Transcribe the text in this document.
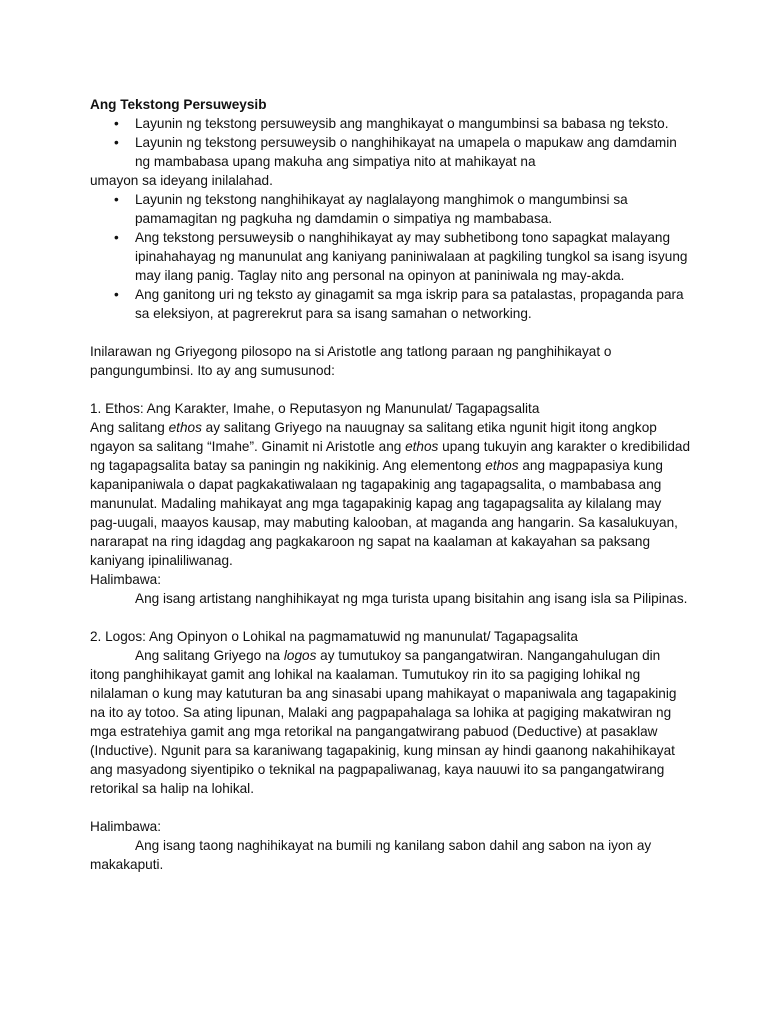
Ang Tekstong Persuweysib

• Layunin ng tekstong persuweysib ang manghikayat o mangumbinsi sa babasa ng teksto.
• Layunin ng tekstong persuweysib o nanghihikayat na umapela o mapukaw ang damdamin ng mambabasa upang makuha ang simpatiya nito at mahikayat na
umayon sa ideyang inilalahad.
• Layunin ng tekstong nanghihikayat ay naglalayong manghimok o mangumbinsi sa pamamagitan ng pagkuha ng damdamin o simpatiya ng mambabasa.
• Ang tekstong persuweysib o nanghihikayat ay may subhetibong tono sapagkat malayang ipinahahayag ng manunulat ang kaniyang paniniwalaan at pagkiling tungkol sa isang isyung may ilang panig. Taglay nito ang personal na opinyon at paniniwala ng may-akda.
• Ang ganitong uri ng teksto ay ginagamit sa mga iskrip para sa patalastas, propaganda para sa eleksiyon, at pagrerekrut para sa isang samahan o networking.

Inilarawan ng Griyegong pilosopo na si Aristotle ang tatlong paraan ng panghihikayat o pangungumbinsi. Ito ay ang sumusunod:

1. Ethos: Ang Karakter, Imahe, o Reputasyon ng Manunulat/ Tagapagsalita

Ang salitang ethos ay salitang Griyego na nauugnay sa salitang etika ngunit higit itong angkop ngayon sa salitang “Imahe”. Ginamit ni Aristotle ang ethos upang tukuyin ang karakter o kredibilidad ng tagapagsalita batay sa paningin ng nakikinig. Ang elementong ethos ang magpapasiya kung kapanipaniwala o dapat pagkakatiwalaan ng tagapakinig ang tagapagsalita, o mambabasa ang manunulat. Madaling mahikayat ang mga tagapakinig kapag ang tagapagsalita ay kilalang may pag-uugali, maayos kausap, may mabuting kalooban, at maganda ang hangarin. Sa kasalukuyan, nararapat na ring idagdag ang pagkakaroon ng sapat na kaalaman at kakayahan sa paksang kaniyang ipinaliliwanag.

Halimbawa:

Ang isang artistang nanghihikayat ng mga turista upang bisitahin ang isang isla sa Pilipinas.

2. Logos: Ang Opinyon o Lohikal na pagmamatuwid ng manunulat/ Tagapagsalita

Ang salitang Griyego na logos ay tumutukoy sa pangangatwiran. Nangangahulugan din itong panghihikayat gamit ang lohikal na kaalaman. Tumutukoy rin ito sa pagiging lohikal ng nilalaman o kung may katuturan ba ang sinasabi upang mahikayat o mapaniwala ang tagapakinig na ito ay totoo. Sa ating lipunan, Malaki ang pagpapahalaga sa lohika at pagiging makatwiran ng mga estratehiya gamit ang mga retorikal na pangangatwirang pabuod (Deductive) at pasaklaw (Inductive). Ngunit para sa karaniwang tagapakinig, kung minsan ay hindi gaanong nakahihikayat ang masyadong siyentipiko o teknikal na pagpapaliwanag, kaya nauuwi ito sa pangangatwirang retorikal sa halip na lohikal.

Halimbawa:

Ang isang taong naghihikayat na bumili ng kanilang sabon dahil ang sabon na iyon ay makakaputi.
